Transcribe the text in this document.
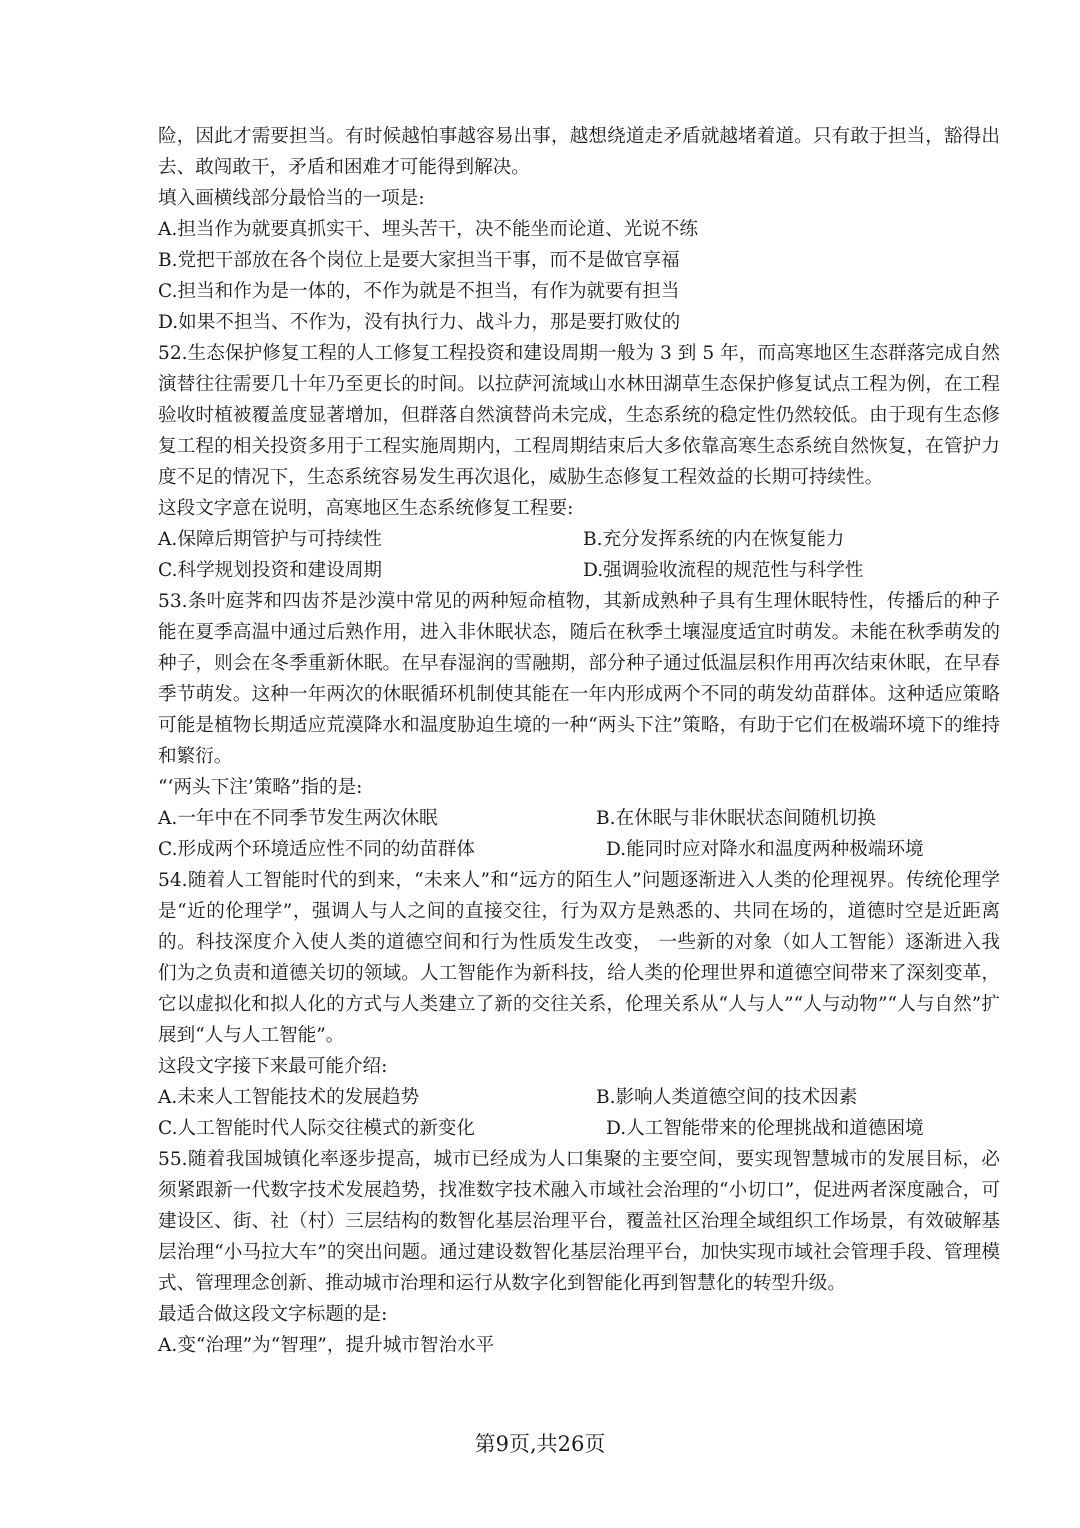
险，因此才需要担当。有时候越怕事越容易出事，越想绕道走矛盾就越堵着道。只有敢于担当，豁得出去、敢闯敢干，矛盾和困难才可能得到解决。

填入画横线部分最恰当的一项是:

A.担当作为就要真抓实干、埋头苦干，决不能坐而论道、光说不练

B.党把干部放在各个岗位上是要大家担当干事，而不是做官享福

C.担当和作为是一体的，不作为就是不担当，有作为就要有担当

D.如果不担当、不作为，没有执行力、战斗力，那是要打败仗的

52.生态保护修复工程的人工修复工程投资和建设周期一般为 3 到 5 年，而高寒地区生态群落完成自然演替往往需要几十年乃至更长的时间。以拉萨河流域山水林田湖草生态保护修复试点工程为例，在工程验收时植被覆盖度显著增加，但群落自然演替尚未完成，生态系统的稳定性仍然较低。由于现有生态修复工程的相关投资多用于工程实施周期内，工程周期结束后大多依靠高寒生态系统自然恢复，在管护力度不足的情况下，生态系统容易发生再次退化，威胁生态修复工程效益的长期可持续性。

这段文字意在说明，高寒地区生态系统修复工程要:

A.保障后期管护与可持续性	B.充分发挥系统的内在恢复能力
C.科学规划投资和建设周期	D.强调验收流程的规范性与科学性

53.条叶庭荠和四齿芥是沙漠中常见的两种短命植物，其新成熟种子具有生理休眠特性，传播后的种子能在夏季高温中通过后熟作用，进入非休眠状态，随后在秋季土壤湿度适宜时萌发。未能在秋季萌发的种子，则会在冬季重新休眠。在早春湿润的雪融期，部分种子通过低温层积作用再次结束休眠，在早春季节萌发。这种一年两次的休眠循环机制使其能在一年内形成两个不同的萌发幼苗群体。这种适应策略可能是植物长期适应荒漠降水和温度胁迫生境的一种“两头下注”策略，有助于它们在极端环境下的维持和繁衍。

“‘两头下注’策略”指的是:

A.一年中在不同季节发生两次休眠	B.在休眠与非休眠状态间随机切换
C.形成两个环境适应性不同的幼苗群体	D.能同时应对降水和温度两种极端环境

54.随着人工智能时代的到来，“未来人”和“远方的陌生人”问题逐渐进入人类的伦理视界。传统伦理学是“近的伦理学”，强调人与人之间的直接交往，行为双方是熟悉的、共同在场的，道德时空是近距离的。科技深度介入使人类的道德空间和行为性质发生改变， 一些新的对象（如人工智能）逐渐进入我们为之负责和道德关切的领域。人工智能作为新科技，给人类的伦理世界和道德空间带来了深刻变革，它以虚拟化和拟人化的方式与人类建立了新的交往关系，伦理关系从“人与人”“人与动物”“人与自然”扩展到“人与人工智能”。

这段文字接下来最可能介绍:

A.未来人工智能技术的发展趋势	B.影响人类道德空间的技术因素
C.人工智能时代人际交往模式的新变化	D.人工智能带来的伦理挑战和道德困境

55.随着我国城镇化率逐步提高，城市已经成为人口集聚的主要空间，要实现智慧城市的发展目标，必须紧跟新一代数字技术发展趋势，找准数字技术融入市域社会治理的“小切口”，促进两者深度融合，可建设区、街、社（村）三层结构的数智化基层治理平台，覆盖社区治理全域组织工作场景，有效破解基层治理“小马拉大车”的突出问题。通过建设数智化基层治理平台，加快实现市域社会管理手段、管理模式、管理理念创新、推动城市治理和运行从数字化到智能化再到智慧化的转型升级。

最适合做这段文字标题的是:

A.变“治理”为“智理”，提升城市智治水平

第9页,共26页
